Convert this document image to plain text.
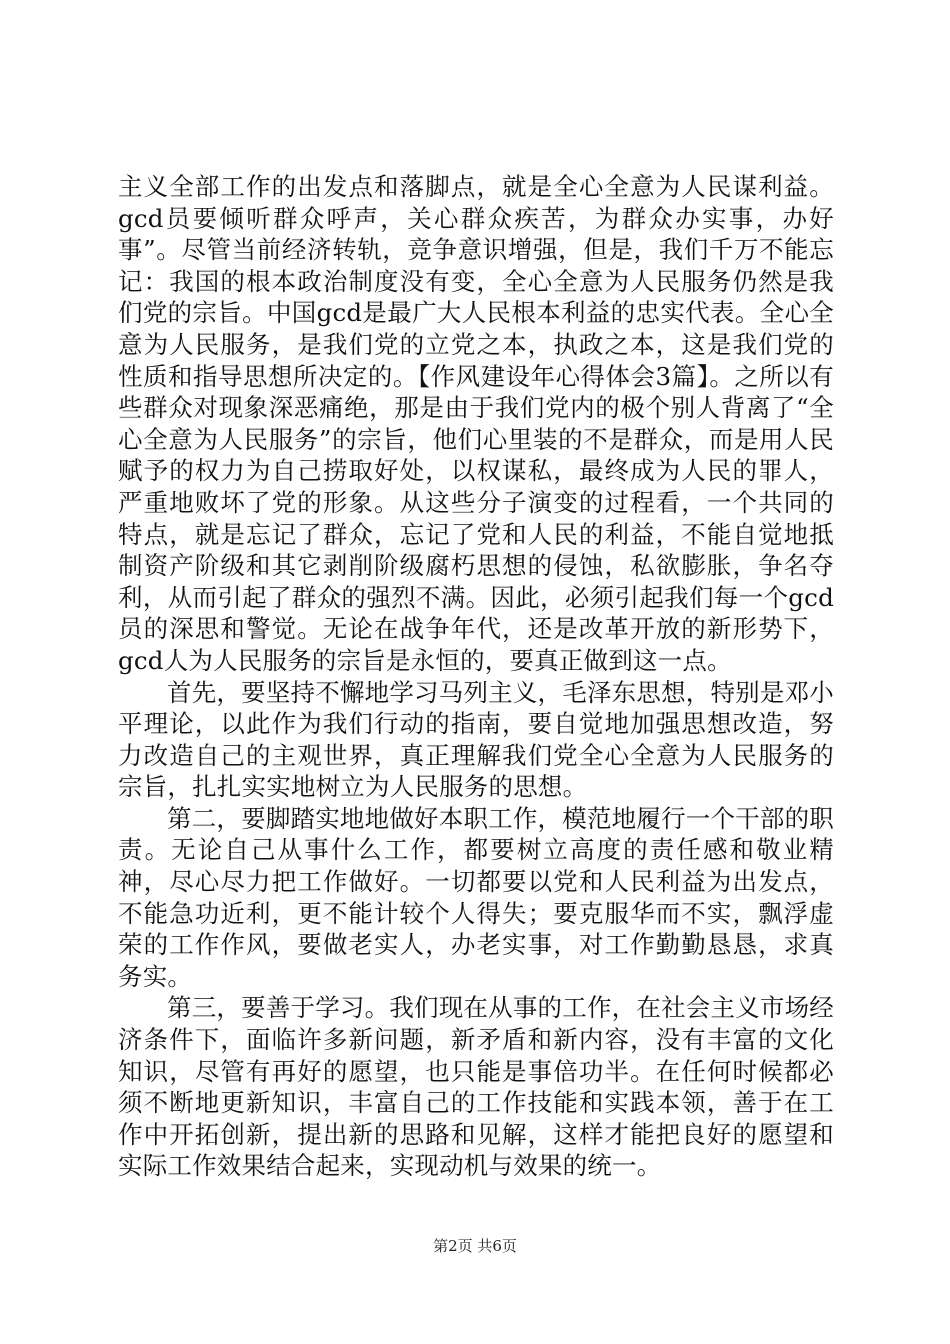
主义全部工作的出发点和落脚点，就是全心全意为人民谋利益。gcd员要倾听群众呼声，关心群众疾苦，为群众办实事，办好事”。尽管当前经济转轨，竞争意识增强，但是，我们千万不能忘记：我国的根本政治制度没有变，全心全意为人民服务仍然是我们党的宗旨。中国gcd是最广大人民根本利益的忠实代表。全心全意为人民服务，是我们党的立党之本，执政之本，这是我们党的性质和指导思想所决定的。【作风建设年心得体会3篇】。之所以有些群众对现象深恶痛绝，那是由于我们党内的极个别人背离了“全心全意为人民服务”的宗旨，他们心里装的不是群众，而是用人民赋予的权力为自己捞取好处，以权谋私，最终成为人民的罪人，严重地败坏了党的形象。从这些分子演变的过程看，一个共同的特点，就是忘记了群众，忘记了党和人民的利益，不能自觉地抵制资产阶级和其它剥削阶级腐朽思想的侵蚀，私欲膨胀，争名夺利，从而引起了群众的强烈不满。因此，必须引起我们每一个gcd员的深思和警觉。无论在战争年代，还是改革开放的新形势下，gcd人为人民服务的宗旨是永恒的，要真正做到这一点。

首先，要坚持不懈地学习马列主义，毛泽东思想，特别是邓小平理论，以此作为我们行动的指南，要自觉地加强思想改造，努力改造自己的主观世界，真正理解我们党全心全意为人民服务的宗旨，扎扎实实地树立为人民服务的思想。

第二，要脚踏实地地做好本职工作，模范地履行一个干部的职责。无论自己从事什么工作，都要树立高度的责任感和敬业精神，尽心尽力把工作做好。一切都要以党和人民利益为出发点，不能急功近利，更不能计较个人得失；要克服华而不实，飘浮虚荣的工作作风，要做老实人，办老实事，对工作勤勤恳恳，求真务实。

第三，要善于学习。我们现在从事的工作，在社会主义市场经济条件下，面临许多新问题，新矛盾和新内容，没有丰富的文化知识，尽管有再好的愿望，也只能是事倍功半。在任何时候都必须不断地更新知识，丰富自己的工作技能和实践本领，善于在工作中开拓创新，提出新的思路和见解，这样才能把良好的愿望和实际工作效果结合起来，实现动机与效果的统一。

第2页 共6页
